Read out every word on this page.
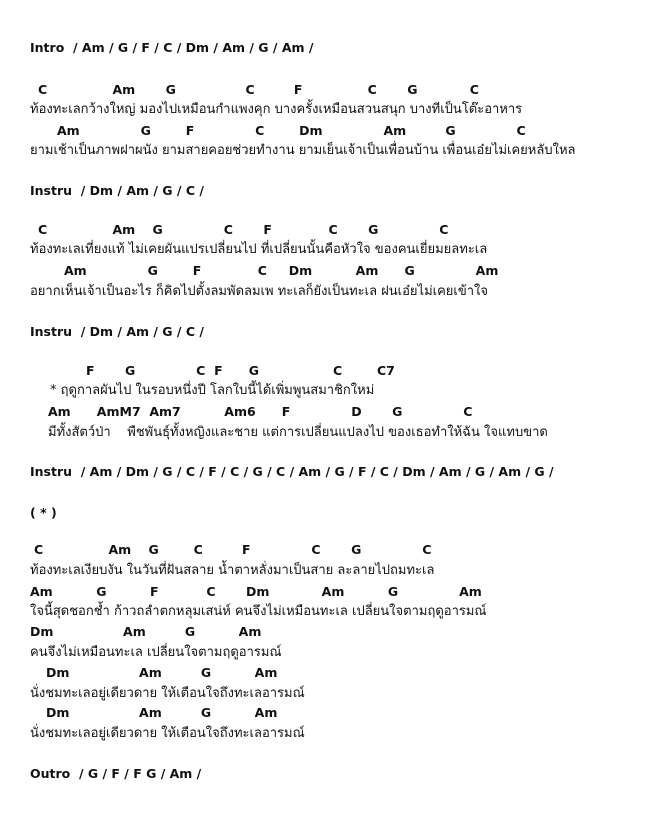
Intro  / Am / G / F / C / Dm / Am / G / Am /
C               Am       G                C         F               C       G            C
ท้องทะเลกว้างใหญ่ มองไปเหมือนกำแพงคุก บางครั้งเหมือนสวนสนุก บางทีเป็นโต๊ะอาหาร
Am              G        F              C        Dm              Am         G              C
ยามเช้าเป็นภาพฝาผนัง ยามสายคอยช่วยทำงาน ยามเย็นเจ้าเป็นเพื่อนบ้าน เพื่อนเอ๋ยไม่เคยหลับใหล
Instru  / Dm / Am / G / C /
C               Am    G              C       F             C       G              C
ท้องทะเลเที่ยงแท้ ไม่เคยผันแปรเปลี่ยนไป ที่เปลี่ยนนั้นคือหัวใจ ของคนเยี่ยมยลทะเล
Am              G        F             C     Dm          Am      G              Am
อยากเห็นเจ้าเป็นอะไร ก็คิดไปตั้งลมพัดลมเพ ทะเลก็ยังเป็นทะเล ฝนเอ๋ยไม่เคยเข้าใจ
Instru  / Dm / Am / G / C /
F       G              C  F      G                 C        C7
* ฤดูกาลผันไป ในรอบหนึ่งปี โลกใบนี้ได้เพิ่มพูนสมาชิกใหม่
Am      AmM7  Am7          Am6      F              D       G              C
มีทั้งสัตว์ป่า    พืชพันธุ์ทั้งหญิงและชาย แต่การเปลี่ยนแปลงไป ของเธอทำให้ฉัน ใจแทบขาด
Instru  / Am / Dm / G / C / F / C / G / C / Am / G / F / C / Dm / Am / G / Am / G /
( * )
C               Am    G        C         F              C       G              C
ท้องทะเลเงียบงัน ในวันที่ฝันสลาย น้ำตาหลั่งมาเป็นสาย ละลายไปถมทะเล
Am          G          F           C       Dm            Am          G              Am
ใจนี้สุดชอกช้ำ ก้าวถลำตกหลุมเสน่ห์ คนจึงไม่เหมือนทะเล เปลี่ยนใจตามฤดูอารมณ์
Dm                Am         G          Am
คนจึงไม่เหมือนทะเล เปลี่ยนใจตามฤดูอารมณ์
Dm                Am         G          Am
นั่งชมทะเลอยู่เดียวดาย ให้เตือนใจถึงทะเลอารมณ์
Dm                Am         G          Am
นั่งชมทะเลอยู่เดียวดาย ให้เตือนใจถึงทะเลอารมณ์
Outro  / G / F / F G / Am /
